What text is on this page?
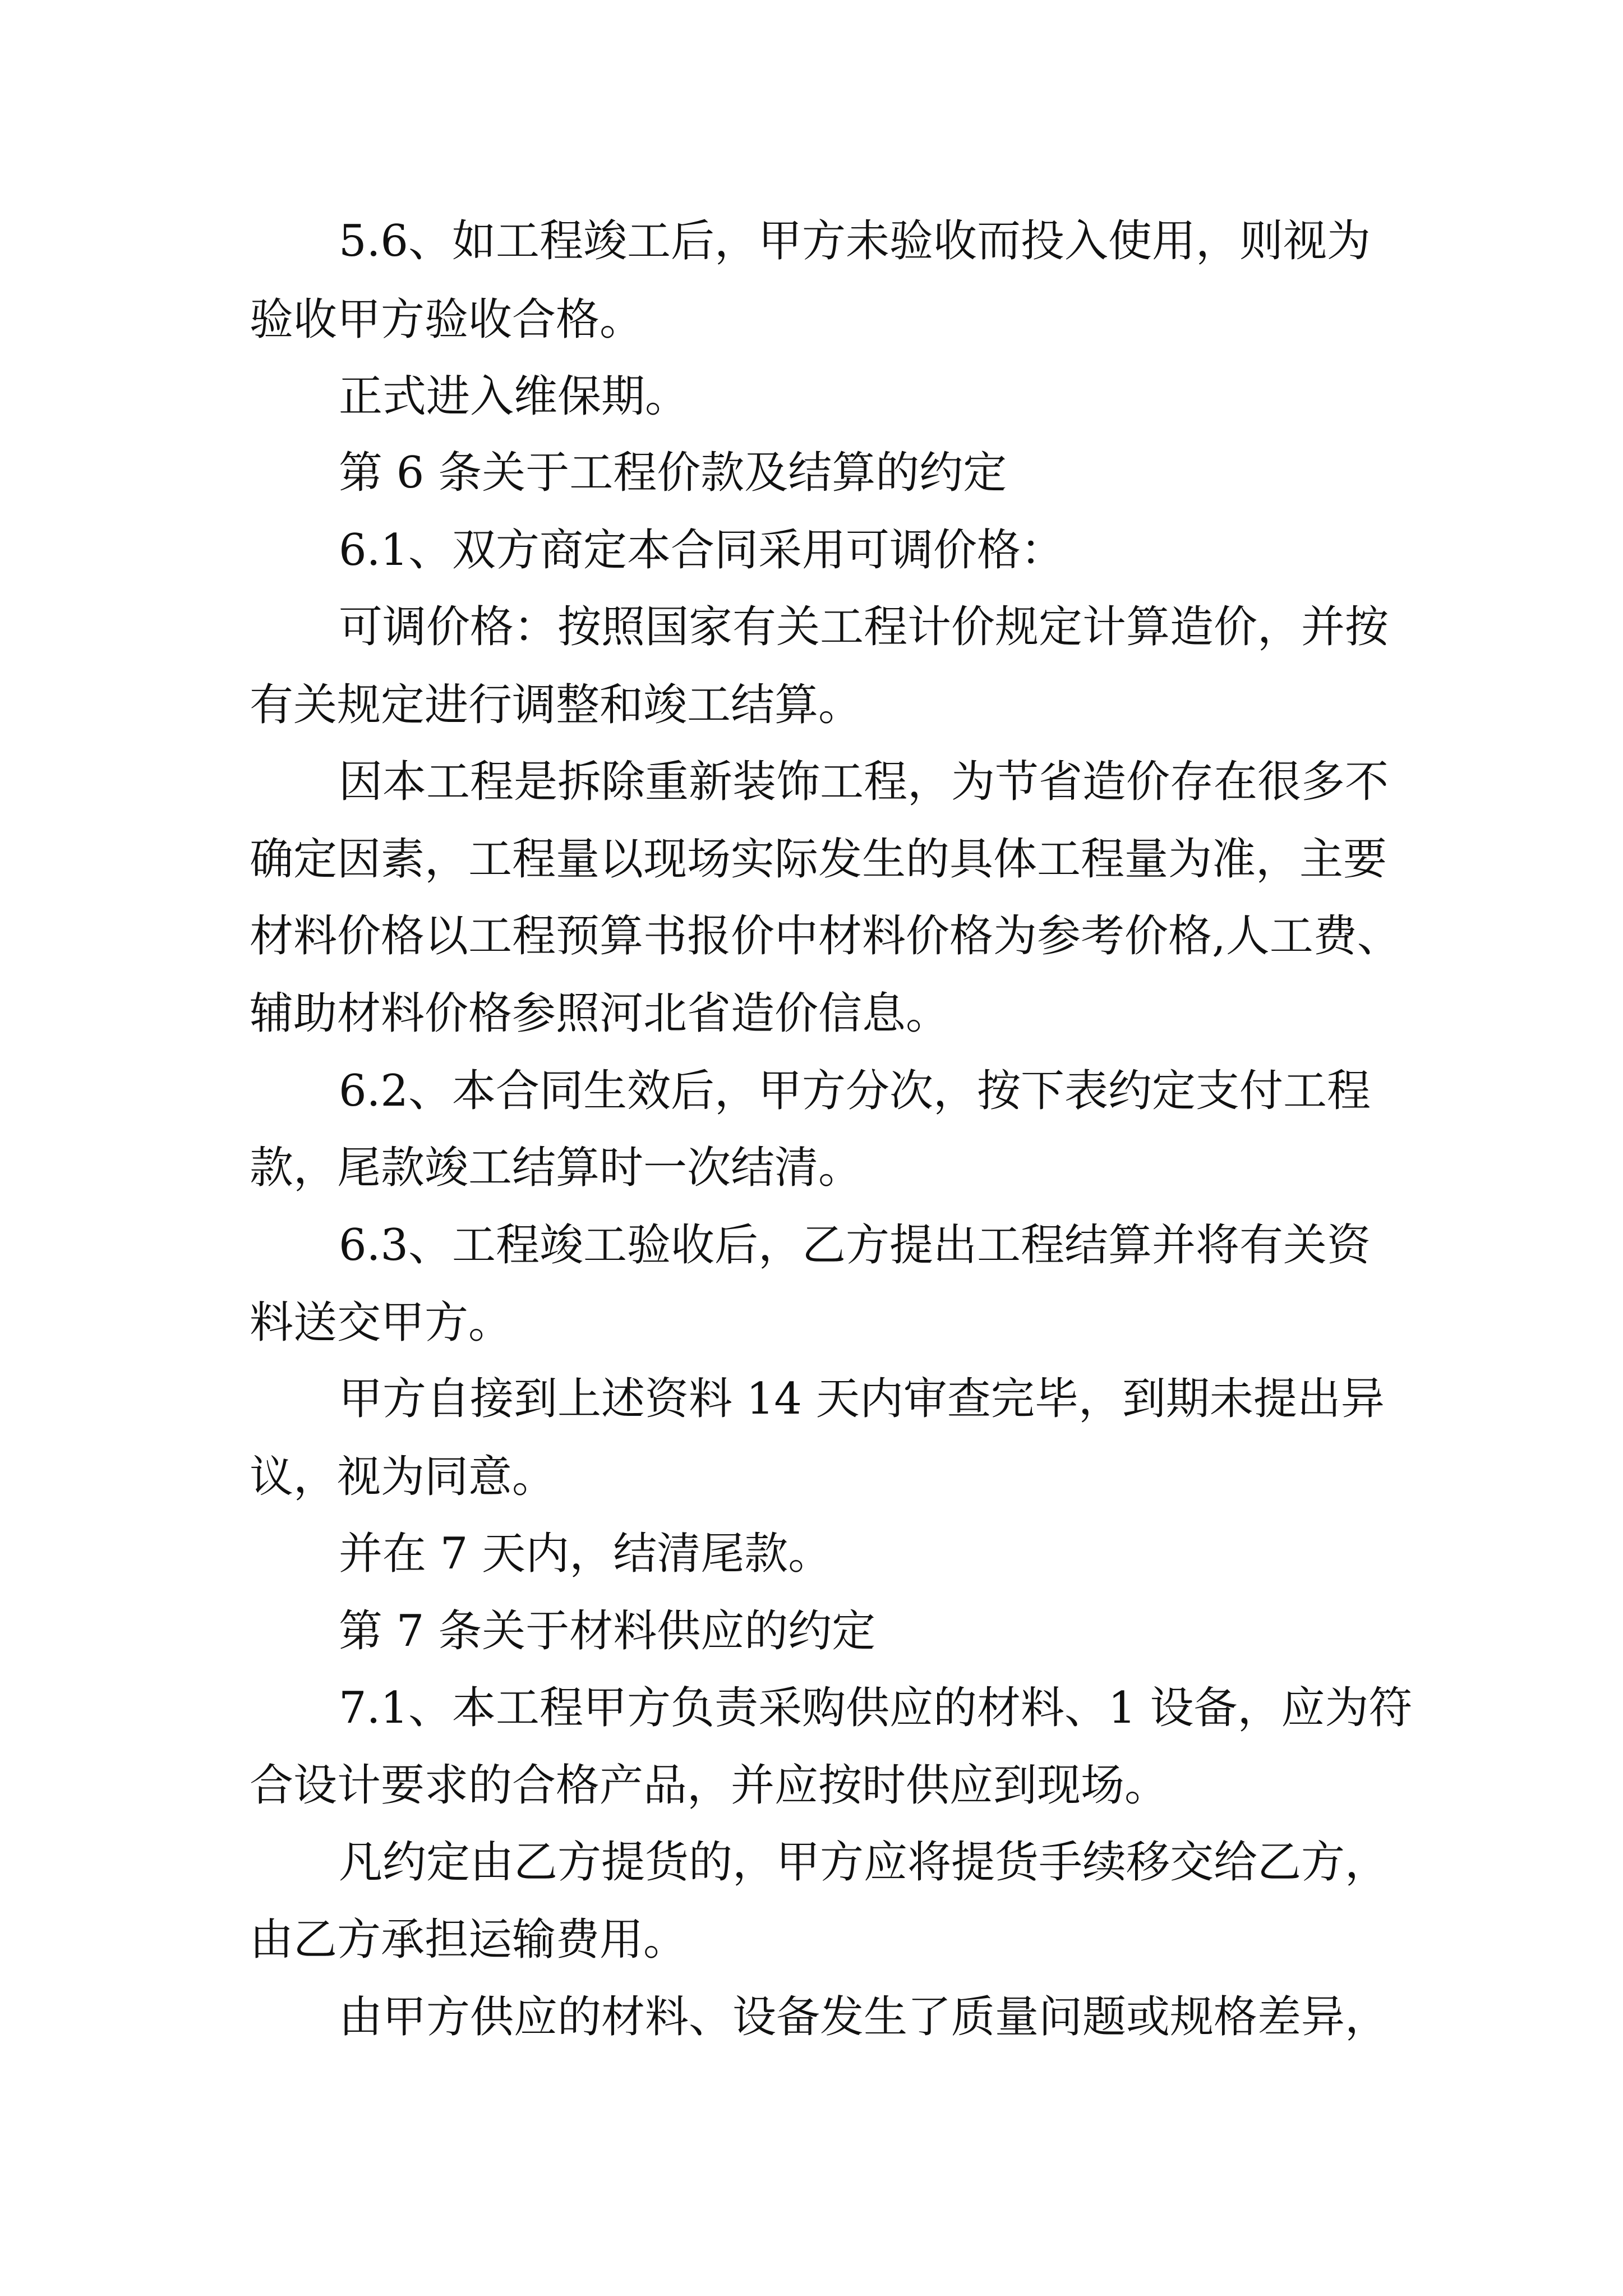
5.6、如工程竣工后，甲方未验收而投入使用，则视为

验收甲方验收合格。

正式进入维保期。

第 6 条关于工程价款及结算的约定

6.1、双方商定本合同采用可调价格：

可调价格：按照国家有关工程计价规定计算造价，并按

有关规定进行调整和竣工结算。

因本工程是拆除重新装饰工程，为节省造价存在很多不

确定因素，工程量以现场实际发生的具体工程量为准，主要

材料价格以工程预算书报价中材料价格为参考价格,人工费、

辅助材料价格参照河北省造价信息。

6.2、本合同生效后，甲方分次，按下表约定支付工程

款，尾款竣工结算时一次结清。

6.3、工程竣工验收后，乙方提出工程结算并将有关资

料送交甲方。

甲方自接到上述资料 14 天内审查完毕，到期未提出异

议，视为同意。

并在 7 天内，结清尾款。

第 7 条关于材料供应的约定

7.1、本工程甲方负责采购供应的材料、1 设备，应为符

合设计要求的合格产品，并应按时供应到现场。

凡约定由乙方提货的，甲方应将提货手续移交给乙方，

由乙方承担运输费用。

由甲方供应的材料、设备发生了质量问题或规格差异，
